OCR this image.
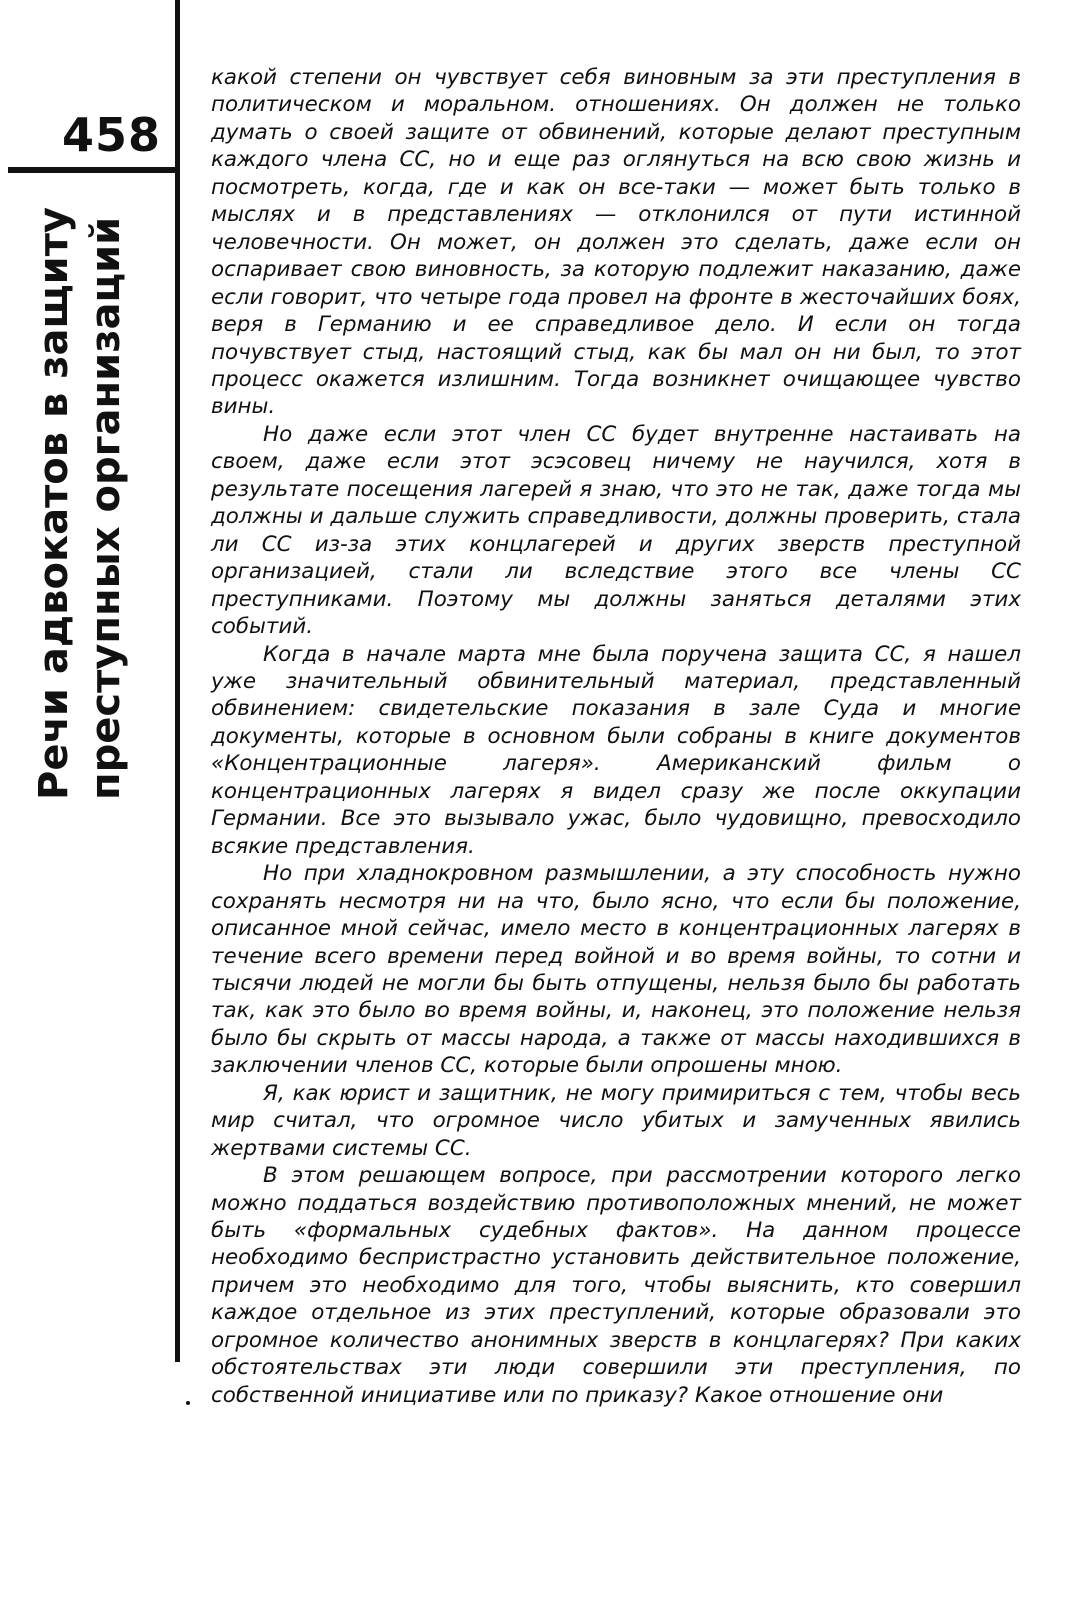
458
Речи адвокатов в защиту преступных организаций

какой степени он чувствует себя виновным за эти преступления в политическом и моральном. отношениях. Он должен не только думать о своей защите от обвинений, которые делают преступным каждого члена СС, но и еще раз оглянуться на всю свою жизнь и посмотреть, когда, где и как он все-таки — может быть только в мыслях и в представлениях — отклонился от пути истинной человечности. Он может, он должен это сделать, даже если он оспаривает свою виновность, за которую подлежит наказанию, даже если говорит, что четыре года провел на фронте в жесточайших боях, веря в Германию и ее справедливое дело. И если он тогда почувствует стыд, настоящий стыд, как бы мал он ни был, то этот процесс окажется излишним. Тогда возникнет очищающее чувство вины.

Но даже если этот член СС будет внутренне настаивать на своем, даже если этот эсэсовец ничему не научился, хотя в результате посещения лагерей я знаю, что это не так, даже тогда мы должны и дальше служить справедливости, должны проверить, стала ли СС из-за этих концлагерей и других зверств преступной организацией, стали ли вследствие этого все члены СС преступниками. Поэтому мы должны заняться деталями этих событий.

Когда в начале марта мне была поручена защита СС, я нашел уже значительный обвинительный материал, представленный обвинением: свидетельские показания в зале Суда и многие документы, которые в основном были собраны в книге документов «Концентрационные лагеря». Американский фильм о концентрационных лагерях я видел сразу же после оккупации Германии. Все это вызывало ужас, было чудовищно, превосходило всякие представления.

Но при хладнокровном размышлении, а эту способность нужно сохранять несмотря ни на что, было ясно, что если бы положение, описанное мной сейчас, имело место в концентрационных лагерях в течение всего времени перед войной и во время войны, то сотни и тысячи людей не могли бы быть отпущены, нельзя было бы работать так, как это было во время войны, и, наконец, это положение нельзя было бы скрыть от массы народа, а также от массы находившихся в заключении членов СС, которые были опрошены мною.

Я, как юрист и защитник, не могу примириться с тем, чтобы весь мир считал, что огромное число убитых и замученных явились жертвами системы СС.

В этом решающем вопросе, при рассмотрении которого легко можно поддаться воздействию противоположных мнений, не может быть «формальных судебных фактов». На данном процессе необходимо беспристрастно установить действительное положение, причем это необходимо для того, чтобы выяснить, кто совершил каждое отдельное из этих преступлений, которые образовали это огромное количество анонимных зверств в концлагерях? При каких обстоятельствах эти люди совершили эти преступления, по собственной инициативе или по приказу? Какое отношение они
